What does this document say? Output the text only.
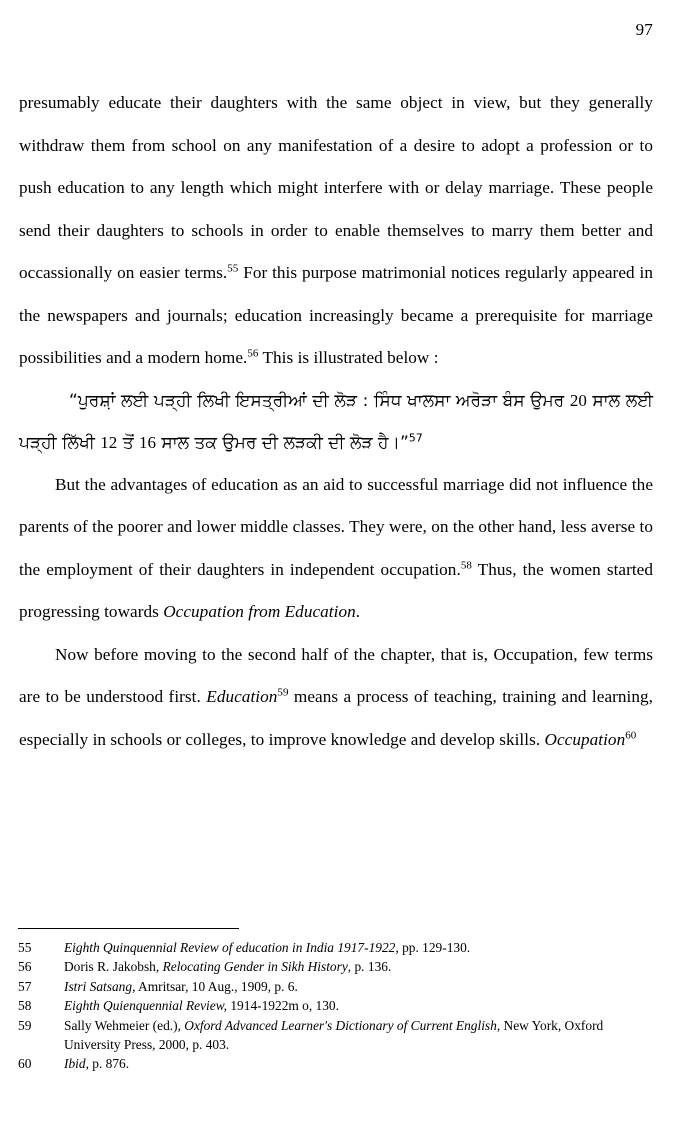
97

presumably educate their daughters with the same object in view, but they generally withdraw them from school on any manifestation of a desire to adopt a profession or to push education to any length which might interfere with or delay marriage. These people send their daughters to schools in order to enable themselves to marry them better and occassionally on easier terms.$^{55}$ For this purpose matrimonial notices regularly appeared in the newspapers and journals; education increasingly became a prerequisite for marriage possibilities and a modern home.$^{56}$ This is illustrated below :

“ਪੁਰਸ਼਼ਾਂ ਲਈ ਪੜ੍ਹੀ ਲਿਖੀ ਇਸਤ੍ਰੀਆਂ ਦੀ ਲੋੜ : ਸਿੰਧ ਖਾਲਸਾ ਅਰੋੜਾ ਬੰਸ ਉਮਰ 20 ਸਾਲ ਲਈ ਪੜ੍ਹੀ ਲਿੱਖੀ 12 ਤੋਂ 16 ਸਾਲ ਤਕ ਉਮਰ ਦੀ ਲੜਕੀ ਦੀ ਲੋੜ ਹੈ।”$^{57}$

But the advantages of education as an aid to successful marriage did not influence the parents of the poorer and lower middle classes. They were, on the other hand, less averse to the employment of their daughters in independent occupation.$^{58}$ Thus, the women started progressing towards Occupation from Education.

Now before moving to the second half of the chapter, that is, Occupation, few terms are to be understood first. Education$^{59}$ means a process of teaching, training and learning, especially in schools or colleges, to improve knowledge and develop skills. Occupation$^{60}$

55	Eighth Quinquennial Review of education in India 1917-1922, pp. 129-130.
56	Doris R. Jakobsh, Relocating Gender in Sikh History, p. 136.
57	Istri Satsang, Amritsar, 10 Aug., 1909, p. 6.
58	Eighth Quienquennial Review, 1914-1922m o, 130.
59	Sally Wehmeier (ed.), Oxford Advanced Learner's Dictionary of Current English, New York, Oxford University Press, 2000, p. 403.
60	Ibid, p. 876.
